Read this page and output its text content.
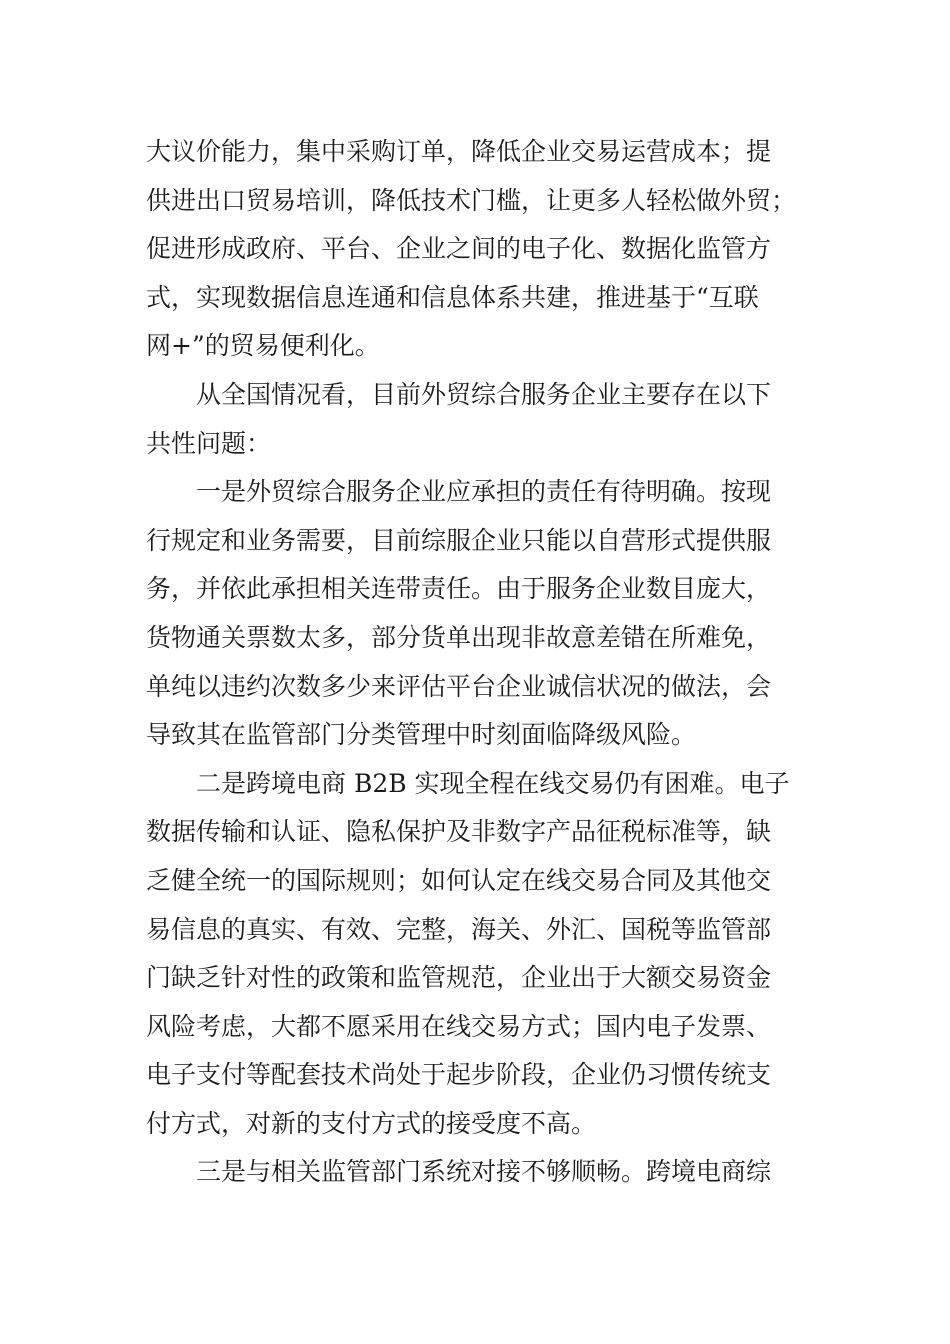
大议价能力，集中采购订单，降低企业交易运营成本；提
供进出口贸易培训，降低技术门槛，让更多人轻松做外贸；
促进形成政府、平台、企业之间的电子化、数据化监管方
式，实现数据信息连通和信息体系共建，推进基于“互联
网+”的贸易便利化。
从全国情况看，目前外贸综合服务企业主要存在以下
共性问题：
一是外贸综合服务企业应承担的责任有待明确。按现
行规定和业务需要，目前综服企业只能以自营形式提供服
务，并依此承担相关连带责任。由于服务企业数目庞大，
货物通关票数太多，部分货单出现非故意差错在所难免，
单纯以违约次数多少来评估平台企业诚信状况的做法，会
导致其在监管部门分类管理中时刻面临降级风险。
二是跨境电商 B2B 实现全程在线交易仍有困难。电子
数据传输和认证、隐私保护及非数字产品征税标准等，缺
乏健全统一的国际规则；如何认定在线交易合同及其他交
易信息的真实、有效、完整，海关、外汇、国税等监管部
门缺乏针对性的政策和监管规范，企业出于大额交易资金
风险考虑，大都不愿采用在线交易方式；国内电子发票、
电子支付等配套技术尚处于起步阶段，企业仍习惯传统支
付方式，对新的支付方式的接受度不高。
三是与相关监管部门系统对接不够顺畅。跨境电商综
